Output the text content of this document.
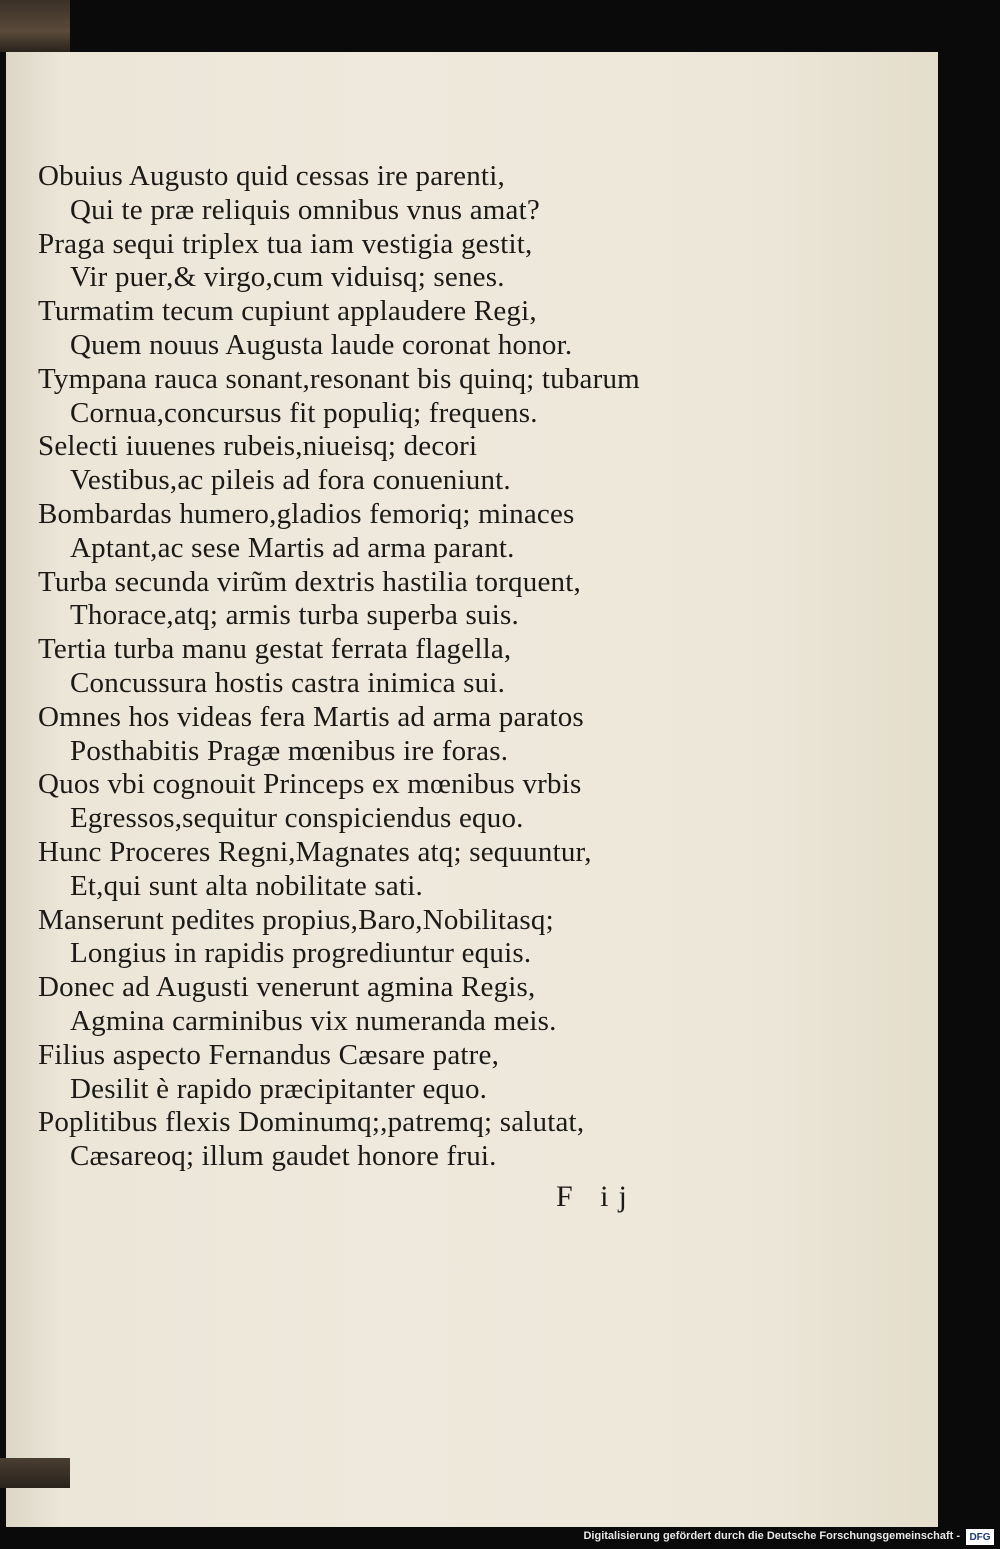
Obuius Augusto quid cessas ire parenti,
Qui te præ reliquis omnibus vnus amat?
Praga sequi triplex tua iam vestigia gestit,
Vir puer,& virgo,cum viduisq; senes.
Turmatim tecum cupiunt applaudere Regi,
Quem nouus Augusta laude coronat honor.
Tympana rauca sonant,resonant bis quinq; tubarum
Cornua,concursus fit populiq; frequens.
Selecti iuuenes rubeis,niueisq; decori
Vestibus,ac pileis ad fora conueniunt.
Bombardas humero,gladios femoriq; minaces
Aptant,ac sese Martis ad arma parant.
Turba secunda virũm dextris hastilia torquent,
Thorace,atq; armis turba superba suis.
Tertia turba manu gestat ferrata flagella,
Concussura hostis castra inimica sui.
Omnes hos videas fera Martis ad arma paratos
Posthabitis Pragæ mœnibus ire foras.
Quos vbi cognouit Princeps ex mœnibus vrbis
Egressos,sequitur conspiciendus equo.
Hunc Proceres Regni,Magnates atq; sequuntur,
Et,qui sunt alta nobilitate sati.
Manserunt pedites propius,Baro,Nobilitasq;
Longius in rapidis progrediuntur equis.
Donec ad Augusti venerunt agmina Regis,
Agmina carminibus vix numeranda meis.
Filius aspecto Fernandus Cæsare patre,
Desilit è rapido præcipitanter equo.
Poplitibus flexis Dominumq;,patremq; salutat,
Cæsareoq; illum gaudet honore frui.
F ij
Digitalisierung gefördert durch die Deutsche Forschungsgemeinschaft - DFG
